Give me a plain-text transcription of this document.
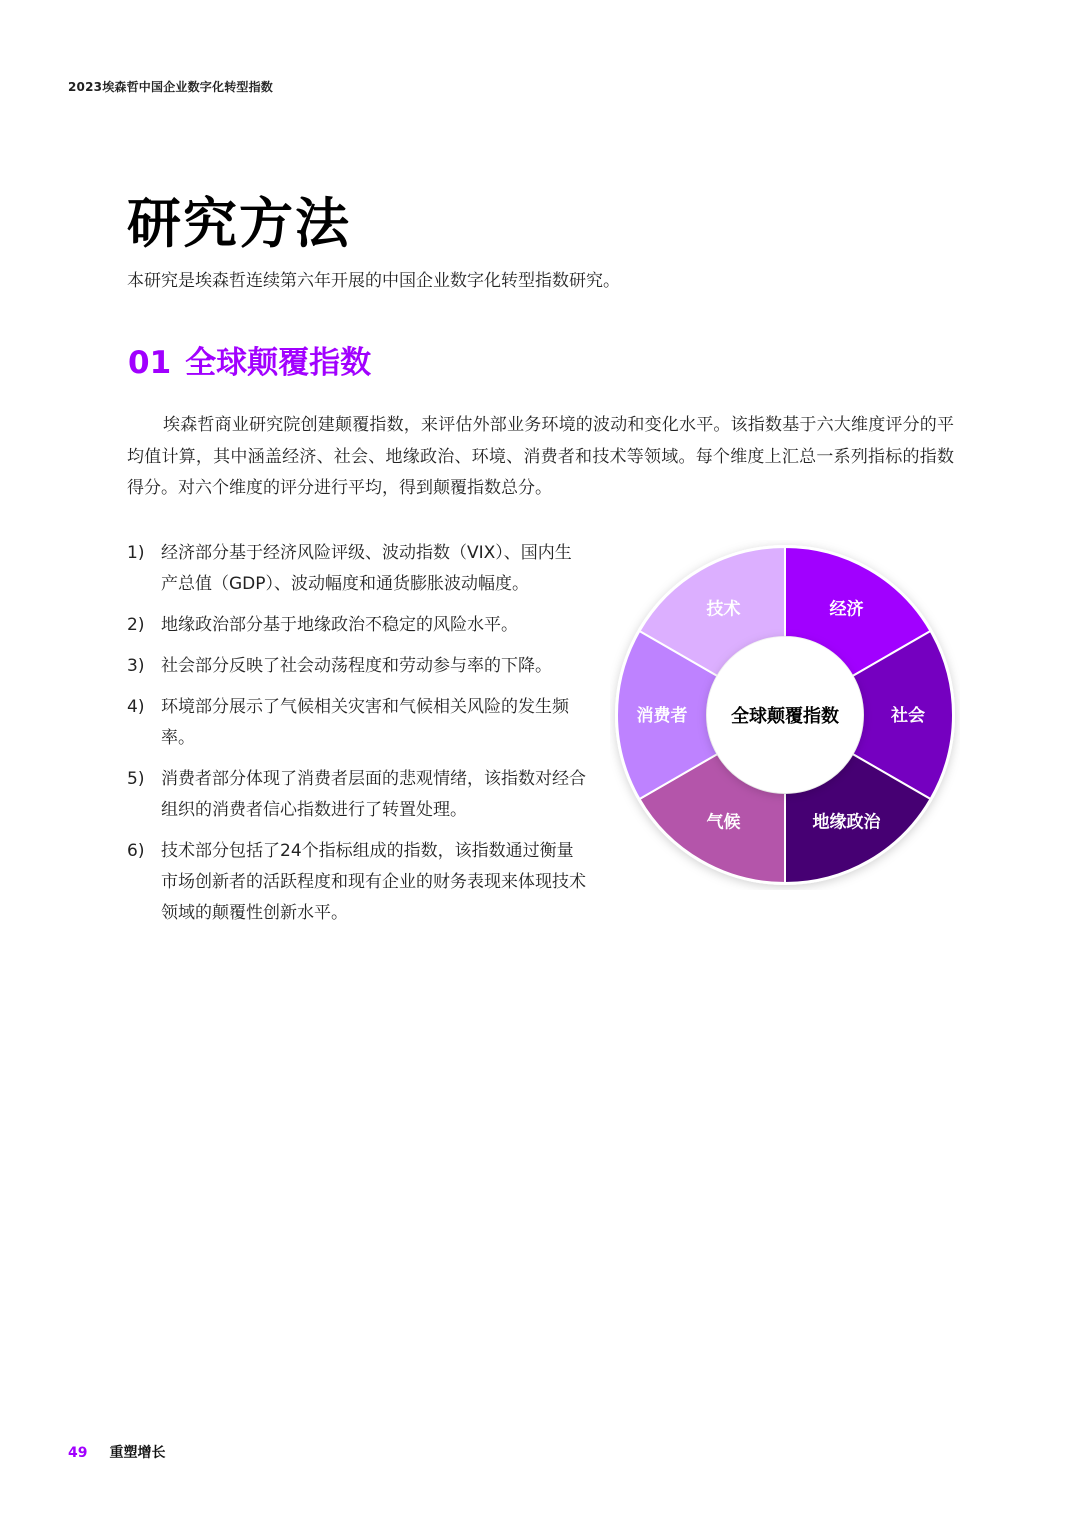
2023埃森哲中国企业数字化转型指数
研究方法
本研究是埃森哲连续第六年开展的中国企业数字化转型指数研究。
01 全球颠覆指数
埃森哲商业研究院创建颠覆指数，来评估外部业务环境的波动和变化水平。该指数基于六大维度评分的平均值计算，其中涵盖经济、社会、地缘政治、环境、消费者和技术等领域。每个维度上汇总一系列指标的指数得分。对六个维度的评分进行平均，得到颠覆指数总分。
1) 经济部分基于经济风险评级、波动指数（VIX）、国内生产总值（GDP）、波动幅度和通货膨胀波动幅度。
2) 地缘政治部分基于地缘政治不稳定的风险水平。
3) 社会部分反映了社会动荡程度和劳动参与率的下降。
4) 环境部分展示了气候相关灾害和气候相关风险的发生频率。
5) 消费者部分体现了消费者层面的悲观情绪，该指数对经合组织的消费者信心指数进行了转置处理。
6) 技术部分包括了24个指标组成的指数，该指数通过衡量市场创新者的活跃程度和现有企业的财务表现来体现技术领域的颠覆性创新水平。
经济
社会
地缘政治
气候
消费者
技术
全球颠覆指数
49 重塑增长
